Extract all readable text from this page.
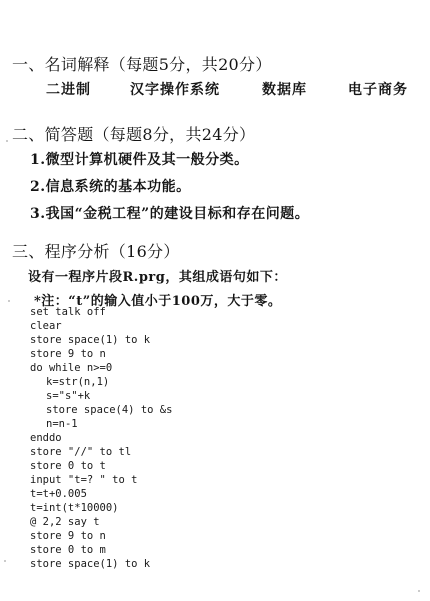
一、名词解释（每题5分，共20分）
二进制	汉字操作系统	数据库	电子商务
二、简答题（每题8分，共24分）
1.微型计算机硬件及其一般分类。
2.信息系统的基本功能。
3.我国“金税工程”的建设目标和存在问题。
三、程序分析（16分）
设有一程序片段R.prg，其组成语句如下：
*注：“t”的输入值小于100万，大于零。
set talk off
clear
store space(1) to k
store 9 to n
do while n>=0
k=str(n,1)
s="s"+k
store space(4) to &s
n=n-1
enddo
store "//" to tl
store 0 to t
input "t=? " to t
t=t+0.005
t=int(t*10000)
@ 2,2 say t
store 9 to n
store 0 to m
store space(1) to k
